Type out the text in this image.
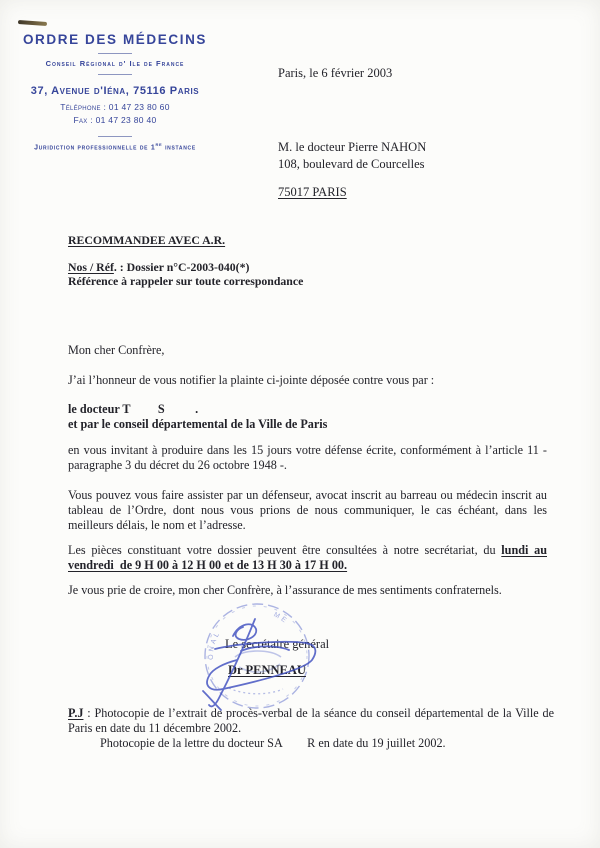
ORDRE DES MÉDECINS
Conseil Régional d' Ile de France
37, Avenue d'Iéna, 75116 Paris
Téléphone : 01 47 23 80 60
Fax : 01 47 23 80 40
Juridiction professionnelle de 1re instance
Paris, le 6 février 2003
M. le docteur Pierre NAHON
108, boulevard de Courcelles
75017 PARIS
RECOMMANDEE AVEC A.R.
Nos / Réf. : Dossier n°C-2003-040(*)
Référence à rappeler sur toute correspondance

Mon cher Confrère,

J’ai l’honneur de vous notifier la plainte ci-jointe déposée contre vous par :

le docteur T         S          .
et par le conseil départemental de la Ville de Paris

en vous invitant à produire dans les 15 jours votre défense écrite, conformément à l’article 11 - paragraphe 3 du décret du 26 octobre 1948 -.

Vous pouvez vous faire assister par un défenseur, avocat inscrit au barreau ou médecin inscrit au tableau de l’Ordre, dont nous vous prions de nous communiquer, le cas échéant, dans les meilleurs délais, le nom et l’adresse.

Les pièces constituant votre dossier peuvent être consultées à notre secrétariat, du lundi au vendredi  de 9 H 00 à 12 H 00 et de 13 H 30 à 17 H 00.

Je vous prie de croire, mon cher Confrère, à l’assurance de mes sentiments confraternels.

ONAL
ME
Le secrétaire général
Dr PENNEAU

P.J : Photocopie de l’extrait de procès-verbal de la séance du conseil départemental de la Ville de Paris en date du 11 décembre 2002.

Photocopie de la lettre du docteur SA        R en date du 19 juillet 2002.
